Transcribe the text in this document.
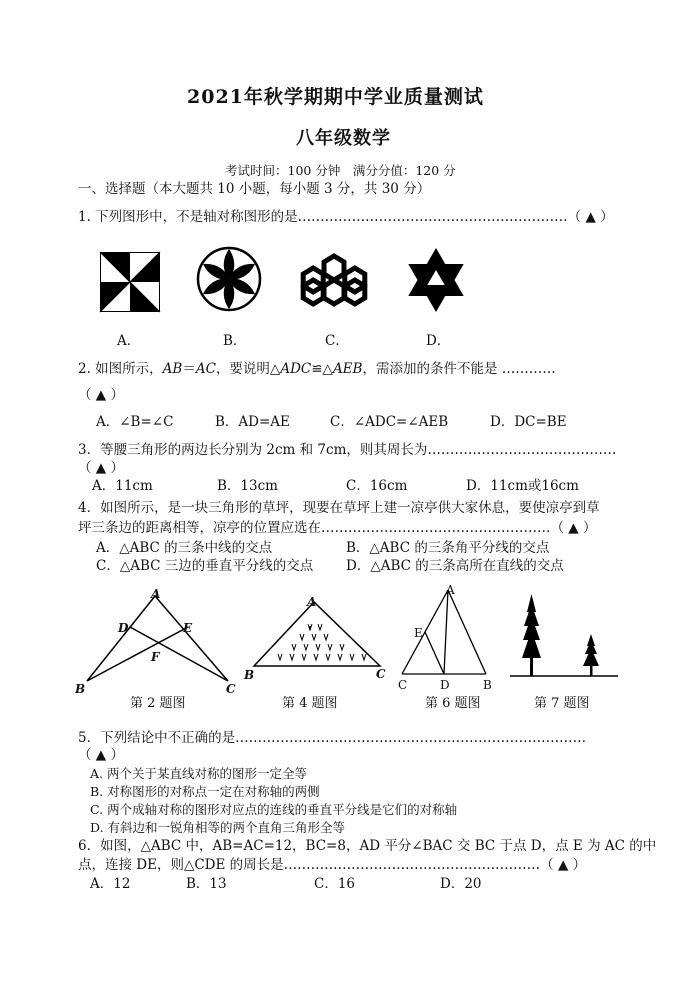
2021年秋学期期中学业质量测试
八年级数学
考试时间：100 分钟　满分分值：120 分
一、选择题（本大题共 10 小题，每小题 3 分，共 30 分）
1. 下列图形中，不是轴对称图形的是……………………………………………………（ ▲ ）
A．	B．	C．	D．
2. 如图所示，AB＝AC，要说明△ADC≌△AEB，需添加的条件不能是 …………
（ ▲ ）
A．∠B=∠C	B．AD=AE	C．∠ADC=∠AEB	D．DC=BE
3．等腰三角形的两边长分别为 2cm 和 7cm，则其周长为……………………………………
（ ▲ ）
A．11cm	B．13cm	C．16cm	D．11cm或16cm
4．如图所示，是一块三角形的草坪，现要在草坪上建一凉亭供大家休息，要使凉亭到草
坪三条边的距离相等，凉亭的位置应选在……………………………………………（ ▲ ）
A．△ABC 的三条中线的交点	B．△ABC 的三条角平分线的交点
C．△ABC 三边的垂直平分线的交点 D．△ABC 的三条高所在直线的交点
A
B	C
D	E
F
第 2 题图
A
B	C
第 4 题图
A
B
C	D
E
第 6 题图	第 7 题图
5．下列结论中不正确的是……………………………………………………………………
（ ▲ ）
A. 两个关于某直线对称的图形一定全等
B. 对称图形的对称点一定在对称轴的两侧
C. 两个成轴对称的图形对应点的连线的垂直平分线是它们的对称轴
D. 有斜边和一锐角相等的两个直角三角形全等
6．如图，△ABC 中，AB=AC=12，BC=8，AD 平分∠BAC 交 BC 于点 D，点 E 为 AC 的中
点，连接 DE，则△CDE 的周长是…………………………………………………（ ▲ ）
A．12	B．13	C．16	D．20
